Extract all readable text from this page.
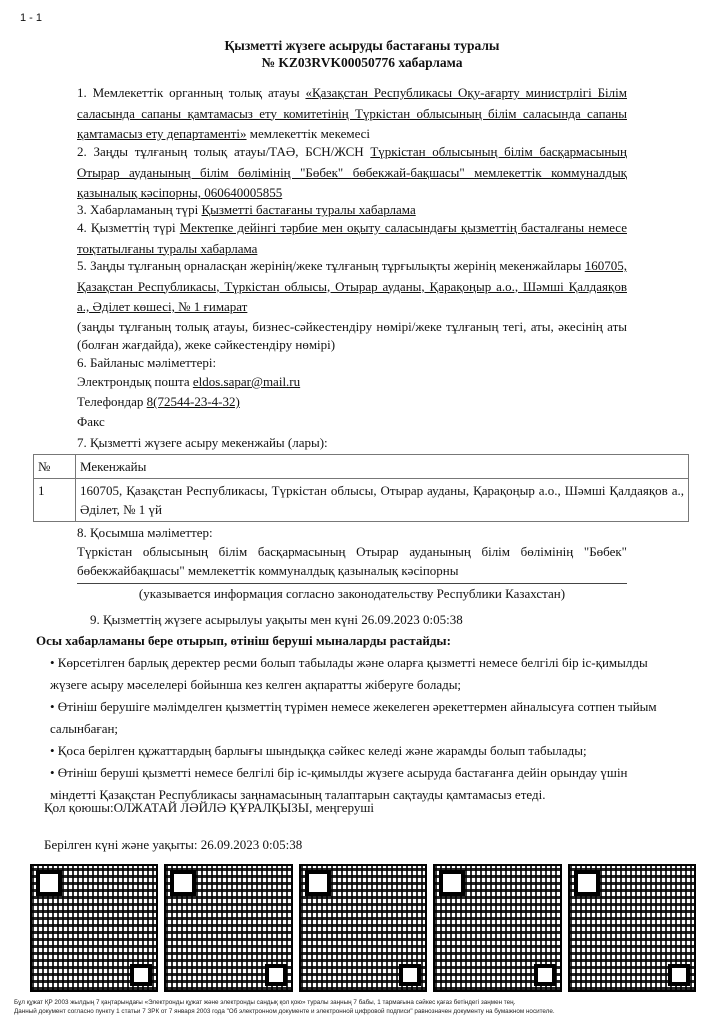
1 - 1
Қызметті жүзеге асыруды бастағаны туралы
№ KZ03RVK00050776 хабарлама
1. Мемлекеттік органның толық атауы «Қазақстан Республикасы Оқу-ағарту министрлігі Білім саласында сапаны қамтамасыз ету комитетінің Түркістан облысының білім саласында сапаны қамтамасыз ету департаменті» мемлекеттік мекемесі
2. Заңды тұлғаның толық атауы/ТАӘ, БСН/ЖСН Түркістан облысының білім басқармасының Отырар ауданының білім бөлімінің "Бөбек" бөбекжай-бақшасы" мемлекеттік коммуналдық қазыналық кәсіпорны, 060640005855
3. Хабарламаның түрі Қызметті бастағаны туралы хабарлама
4. Қызметтің түрі Мектепке дейінгі тәрбие мен оқыту саласындағы қызметтің басталғаны немесе тоқтатылғаны туралы хабарлама
5. Заңды тұлғаның орналасқан жерінің/жеке тұлғаның тұрғылықты жерінің мекенжайлары 160705, Қазақстан Республикасы, Түркістан облысы, Отырар ауданы, Қарақоңыр а.о., Шәмші Қалдаяқов а., Әділет көшесі, № 1 ғимарат
(заңды тұлғаның толық атауы, бизнес-сәйкестендіру нөмірі/жеке тұлғаның тегі, аты, әкесінің аты (болған жағдайда), жеке сәйкестендіру нөмірі)
6. Байланыс мәліметтері:
Электрондық пошта eldos.sapar@mail.ru
Телефондар 8(72544-23-4-32)
Факс
7. Қызметті жүзеге асыру мекенжайы (лары):
№	Мекенжайы
1	160705, Қазақстан Республикасы, Түркістан облысы, Отырар ауданы, Қарақоңыр а.о., Шәмші Қалдаяқов а., Әділет, № 1 үй
8. Қосымша мәліметтер:
Түркістан облысының білім басқармасының Отырар ауданының білім бөлімінің "Бөбек" бөбекжайбақшасы" мемлекеттік коммуналдық қазыналық кәсіпорны
(указывается информация согласно законодательству Республики Казахстан)
9. Қызметтің жүзеге асырылуы уақыты мен күні 26.09.2023 0:05:38
Осы хабарламаны бере отырып, өтініш беруші мыналарды растайды:
• Көрсетілген барлық деректер ресми болып табылады және оларға қызметті немесе белгілі бір іс-қимылды жүзеге асыру мәселелері бойынша кез келген ақпаратты жіберуге болады;
• Өтініш берушіге мәлімделген қызметтің түрімен немесе жекелеген әрекеттермен айналысуға сотпен тыйым салынбаған;
• Қоса берілген құжаттардың барлығы шындыққа сәйкес келеді және жарамды болып табылады;
• Өтініш беруші қызметті немесе белгілі бір іс-қимылды жүзеге асыруда бастағанға дейін орындау үшін міндетті Қазақстан Республикасы заңнамасының талаптарын сақтауды қамтамасыз етеді.
Қол қоюшы:ОЛЖАТАЙ ЛӘЙЛӘ ҚҰРАЛҚЫЗЫ, меңгеруші
Берілген күні және уақыты: 26.09.2023 0:05:38
Бұл құжат ҚР 2003 жылдың 7 қаңтарындағы «Электронды құжат және электронды сандық қол қою» туралы заңның 7 бабы, 1 тармағына сәйкес қағаз бетіндегі заңмен тең.
Данный документ согласно пункту 1 статьи 7 ЗРК от 7 января 2003 года "Об электронном документе и электронной цифровой подписи" равнозначен документу на бумажном носителе.
